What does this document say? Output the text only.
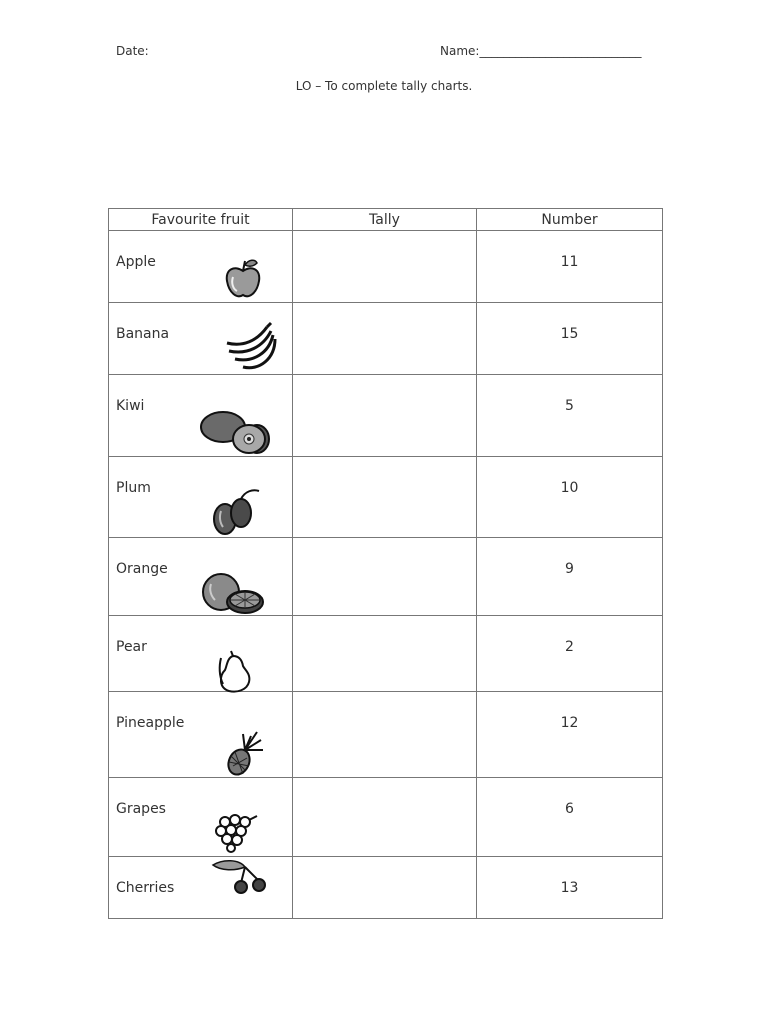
Date:	Name:___________________________
LO – To complete tally charts.
Favourite fruit	Tally	Number

Apple		11

Banana		15

Kiwi		5

Plum		10

Orange		9

Pear		2

Pineapple		12

Grapes		6

Cherries		13
